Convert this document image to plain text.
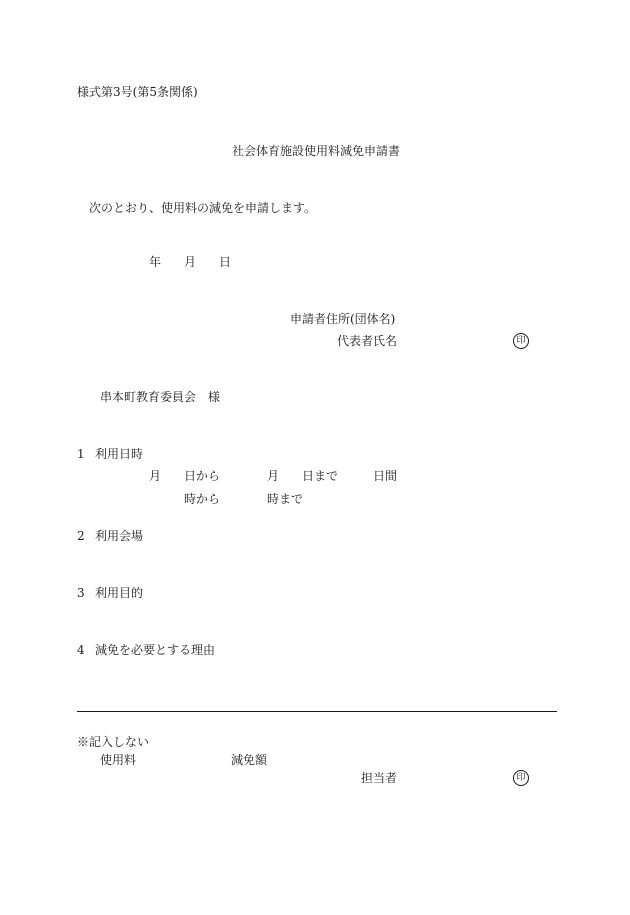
様式第3号(第5条関係)
社会体育施設使用料減免申請書
次のとおり、使用料の減免を申請します。
年 月 日
申請者住所(団体名)
代表者氏名	印
串本町教育委員会　様
1 利用日時
月 日から	月 日まで	日間
時から	時まで
2 利用会場
3 利用目的
4 減免を必要とする理由
※記入しない
使用料	減免額
担当者	印
